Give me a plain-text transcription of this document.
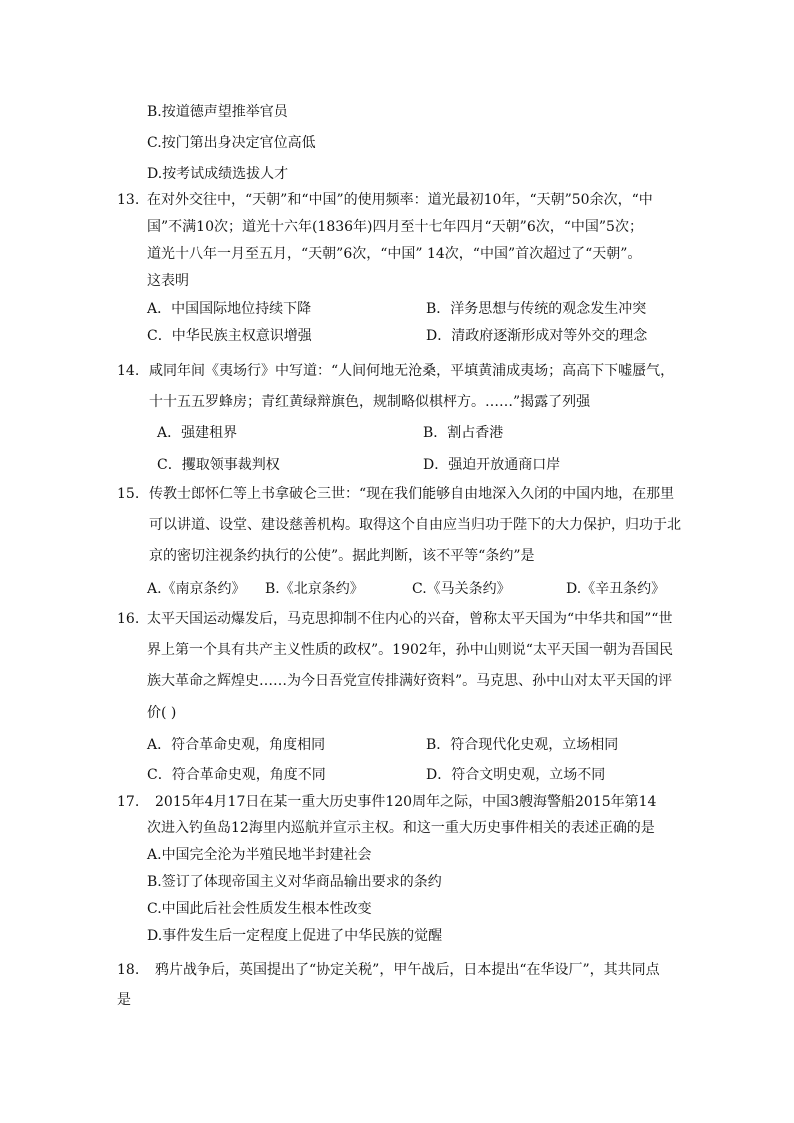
B.按道德声望推举官员
C.按门第出身决定官位高低
D.按考试成绩选拔人才
13. 在对外交往中，“天朝”和“中国”的使用频率：道光最初10年，“天朝”50余次，“中
国”不满10次；道光十六年(1836年)四月至十七年四月“天朝”6次，“中国”5次；
道光十八年一月至五月，“天朝”6次，“中国” 14次，“中国”首次超过了“天朝”。
这表明
A．中国国际地位持续下降	B．洋务思想与传统的观念发生冲突
C．中华民族主权意识增强	D．清政府逐渐形成对等外交的理念
14. 咸同年间《夷场行》中写道：“人间何地无沧桑，平填黄浦成夷场；高高下下嘘蜃气，
十十五五罗蜂房；青红黄绿辩旗色，规制略似棋枰方。……”揭露了列强
A．强建租界	B．割占香港
C．攫取领事裁判权	D．强迫开放通商口岸
15. 传教士郎怀仁等上书拿破仑三世：“现在我们能够自由地深入久闭的中国内地，在那里
可以讲道、设堂、建设慈善机构。取得这个自由应当归功于陛下的大力保护，归功于北
京的密切注视条约执行的公使”。据此判断，该不平等“条约”是
A.《南京条约》 B.《北京条约》	C.《马关条约》	D.《辛丑条约》
16. 太平天国运动爆发后，马克思抑制不住内心的兴奋，曾称太平天国为“中华共和国”“世
界上第一个具有共产主义性质的政权”。1902年，孙中山则说“太平天国一朝为吾国民
族大革命之辉煌史……为今日吾党宣传排满好资料”。马克思、孙中山对太平天国的评
价( )
A．符合革命史观，角度相同	B．符合现代化史观，立场相同
C．符合革命史观，角度不同	D．符合文明史观，立场不同
17. 2015年4月17日在某一重大历史事件120周年之际，中国3艘海警船2015年第14
次进入钓鱼岛12海里内巡航并宣示主权。和这一重大历史事件相关的表述正确的是
A.中国完全沦为半殖民地半封建社会
B.签订了体现帝国主义对华商品输出要求的条约
C.中国此后社会性质发生根本性改变
D.事件发生后一定程度上促进了中华民族的觉醒
18. 鸦片战争后，英国提出了“协定关税”，甲午战后，日本提出“在华设厂”，其共同点
是
